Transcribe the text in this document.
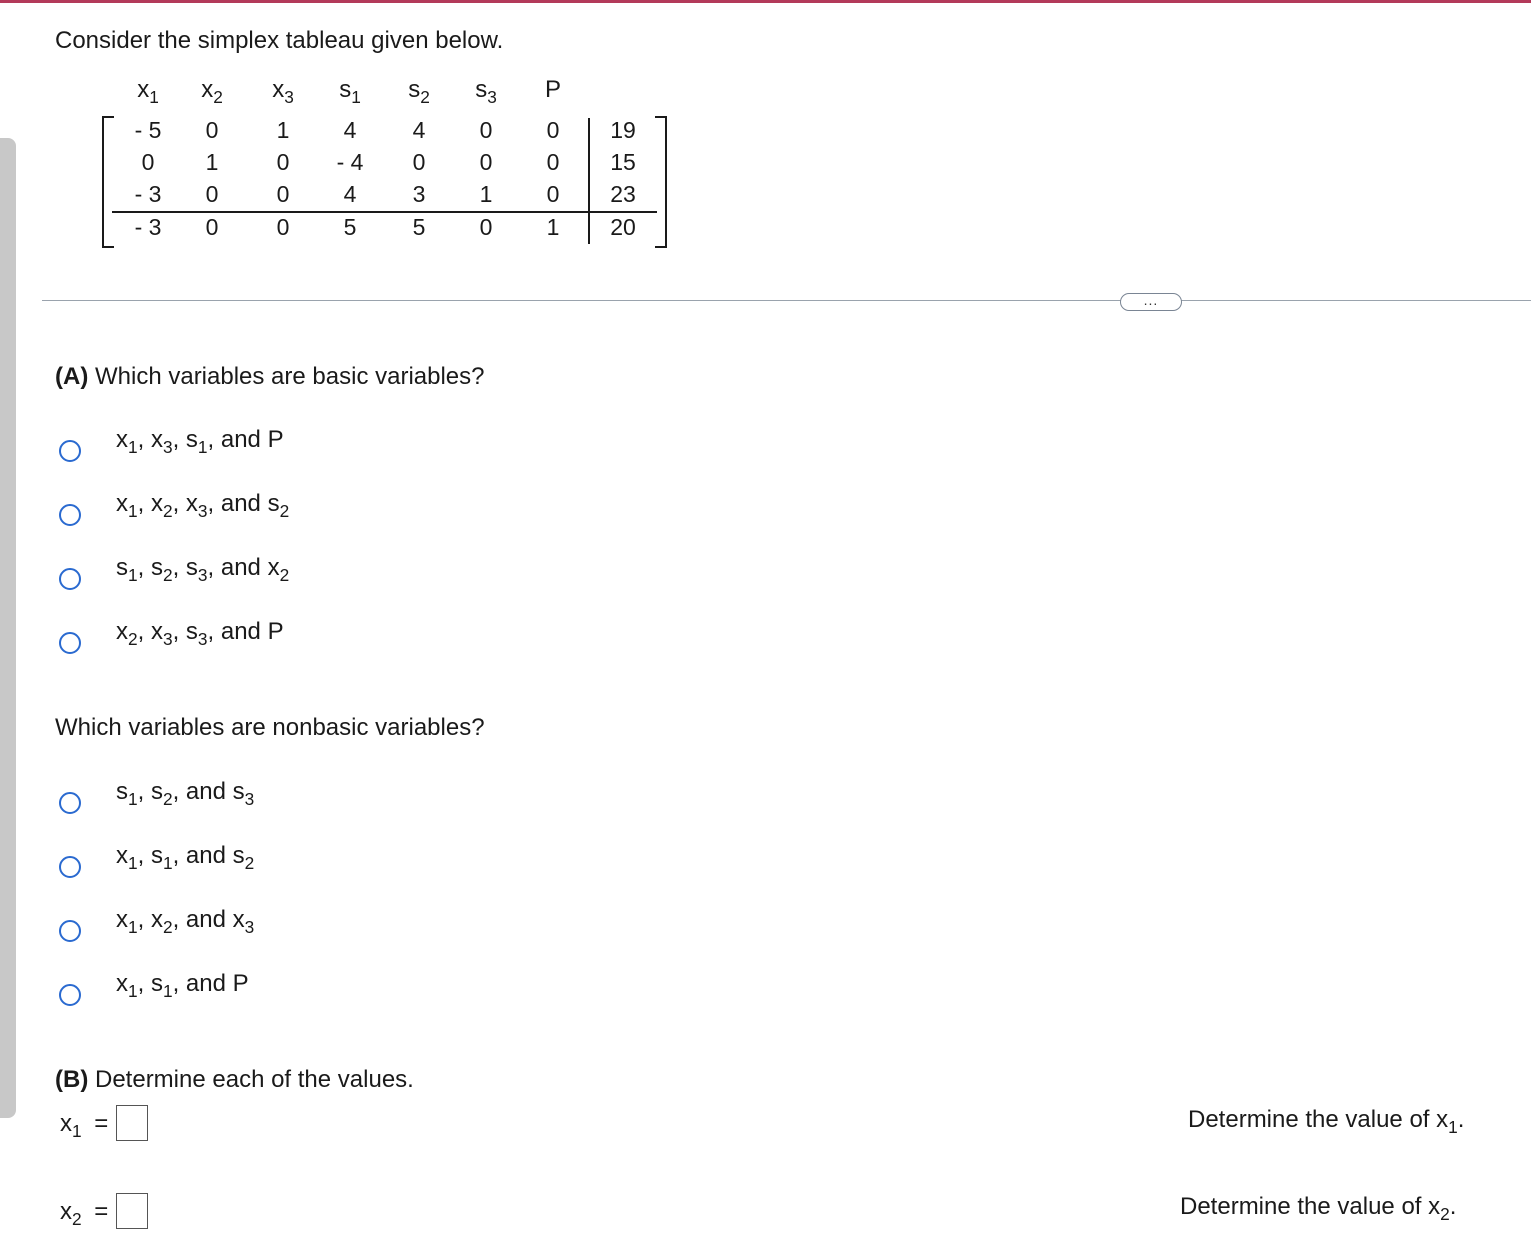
Consider the simplex tableau given below.
$x_1$	$x_2$	$x_3$	$s_1$	$s_2$	$s_3$	P
- 5	0	1	4	4	0	0	19
0	1	0	- 4	0	0	0	15
- 3	0	0	4	3	1	0	23
- 3	0	0	5	5	0	1	20
...
(A) Which variables are basic variables?
$x_1$, $x_3$, $s_1$, and P
$x_1$, $x_2$, $x_3$, and $s_2$
$s_1$, $s_2$, $s_3$, and $x_2$
$x_2$, $x_3$, $s_3$, and P
Which variables are nonbasic variables?
$s_1$, $s_2$, and $s_3$
$x_1$, $s_1$, and $s_2$
$x_1$, $x_2$, and $x_3$
$x_1$, $s_1$, and P
(B) Determine each of the values.
$x_1$ =	Determine the value of $x_1$.
$x_2$ =	Determine the value of $x_2$.
